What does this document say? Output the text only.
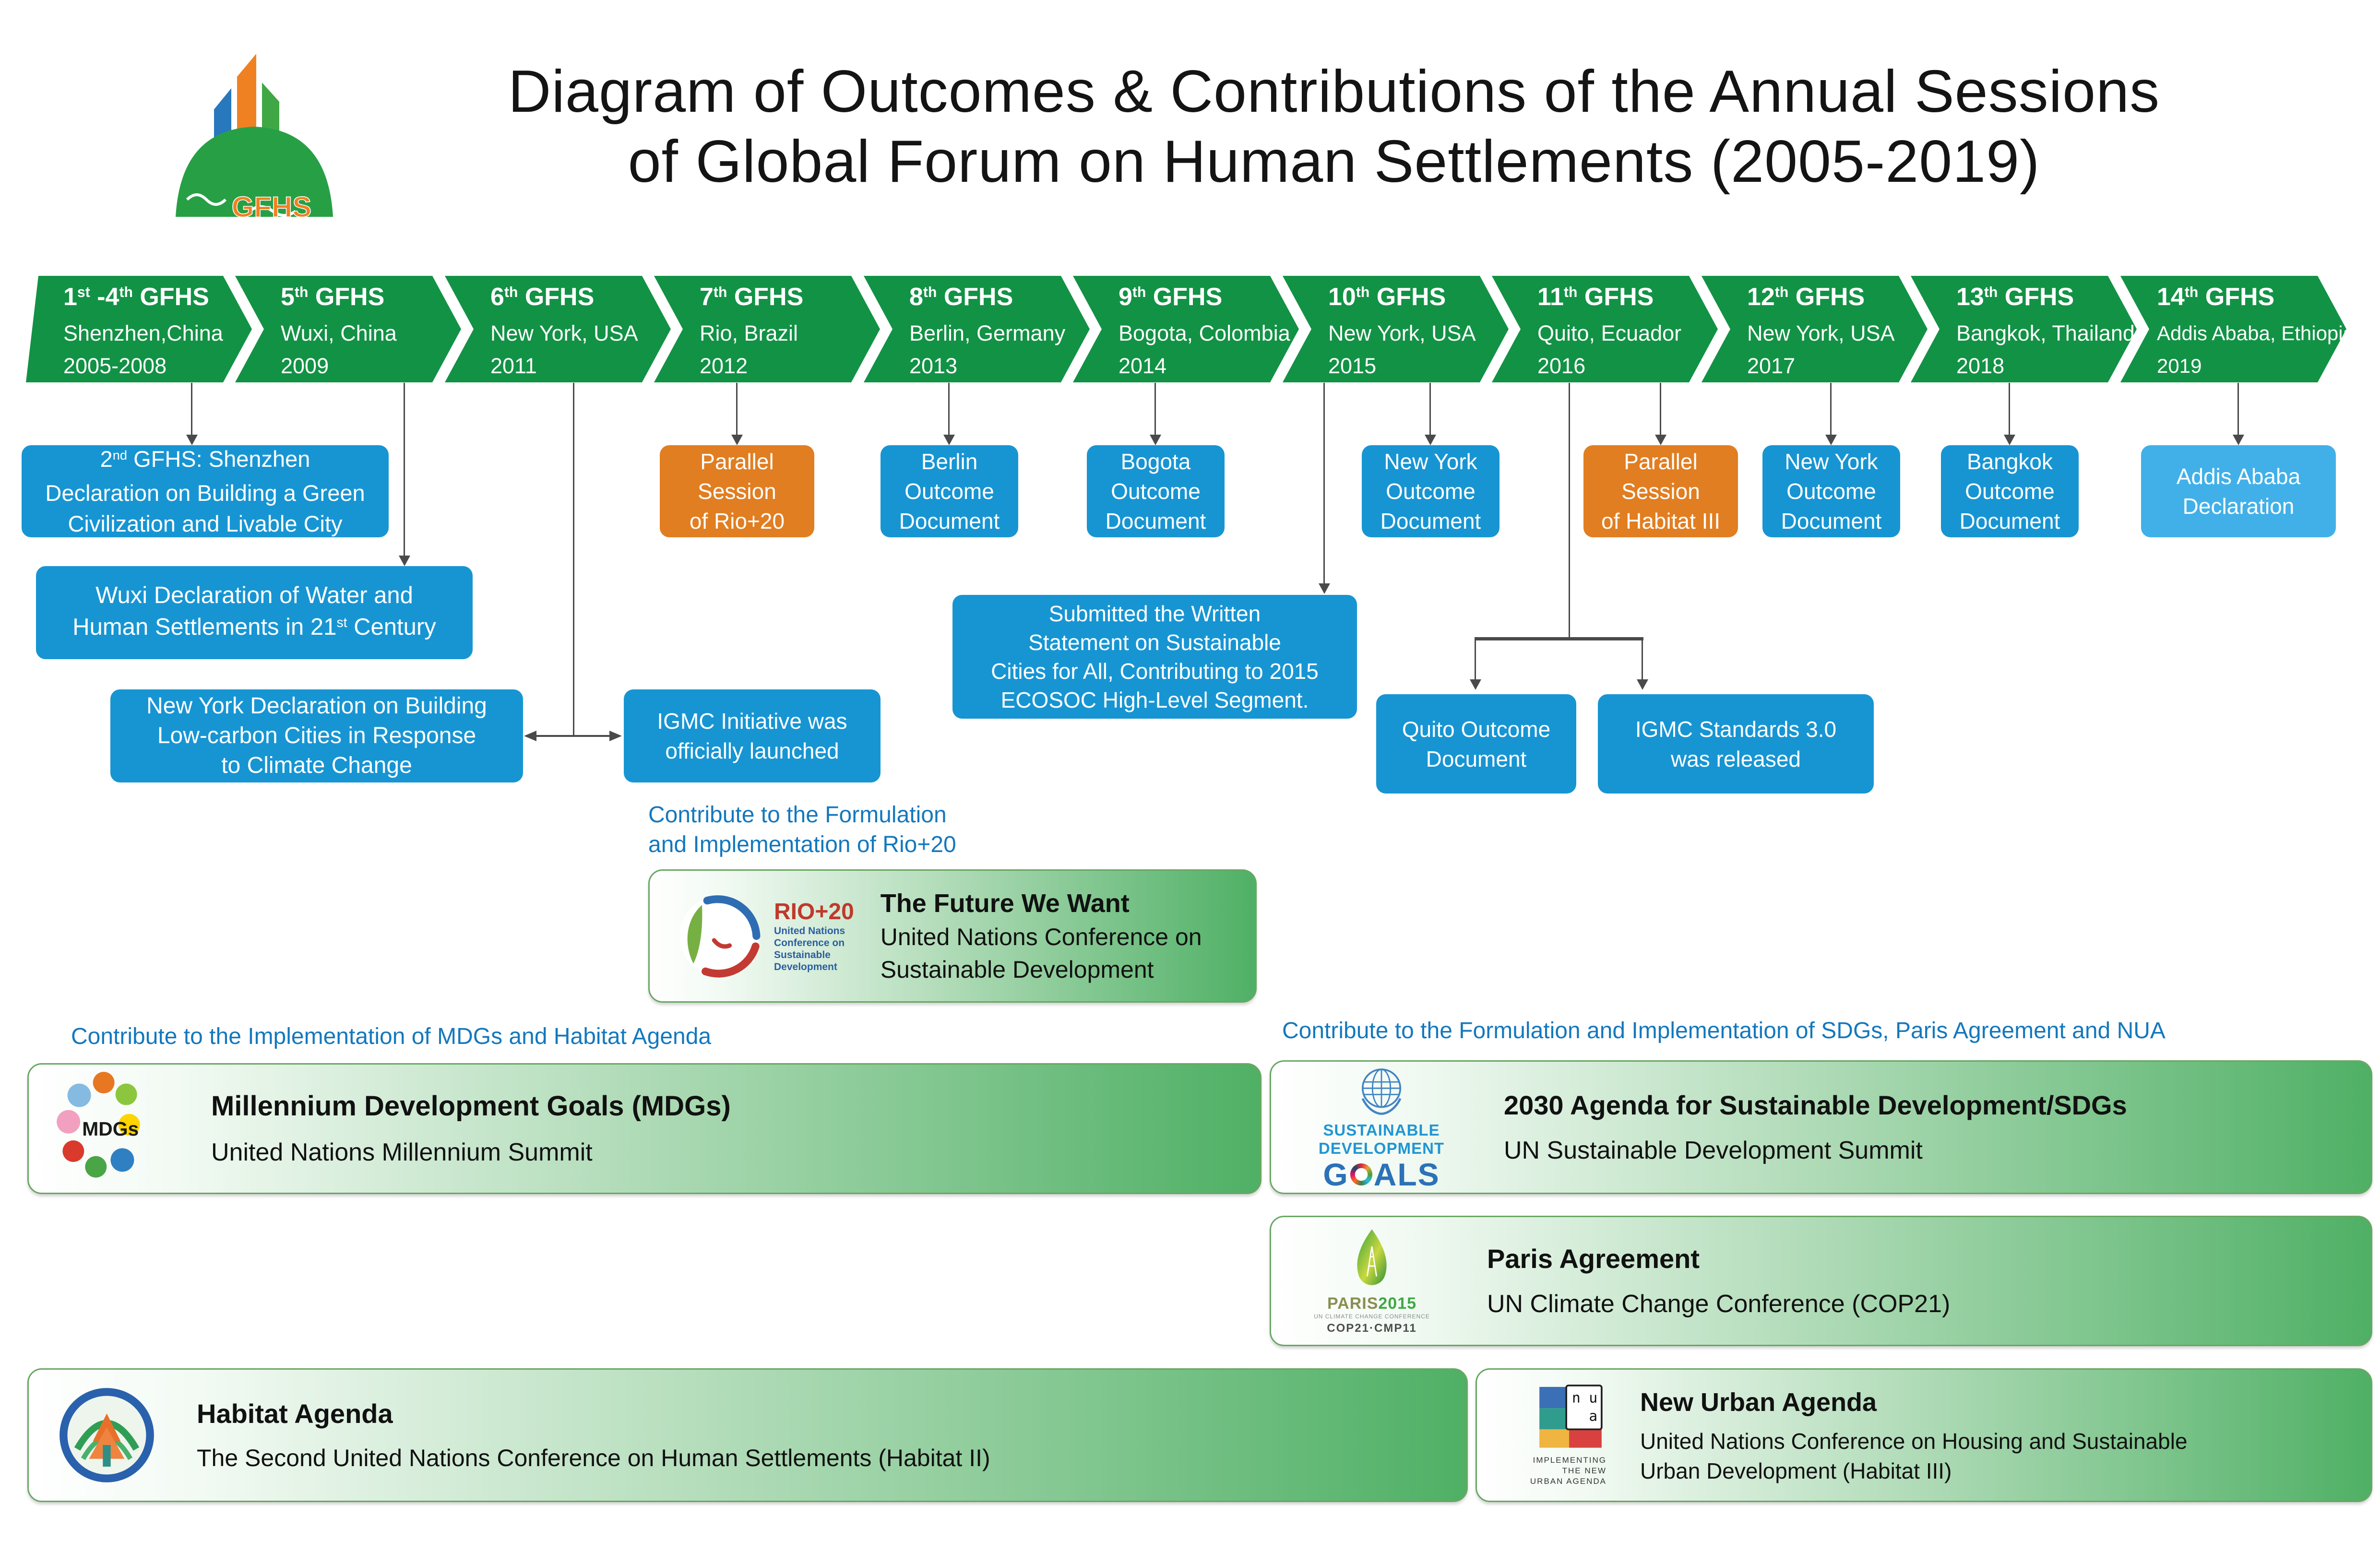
GFHS
Diagram of Outcomes & Contributions of the Annual Sessions
of Global Forum on Human Settlements (2005-2019)
1st -4th GFHS
Shenzhen,China
2005-2008
5th GFHS
Wuxi, China
2009
6th GFHS
New York, USA
2011
7th GFHS
Rio, Brazil
2012
8th GFHS
Berlin, Germany
2013
9th GFHS
Bogota, Colombia
2014
10th GFHS
New York, USA
2015
11th GFHS
Quito, Ecuador
2016
12th GFHS
New York, USA
2017
13th GFHS
Bangkok, Thailand
2018
14th GFHS
Addis Ababa, Ethiopia
2019
2nd GFHS: Shenzhen
Declaration on Building a Green
Civilization and Livable City
Parallel
Session
of Rio+20
Berlin
Outcome
Document
Bogota
Outcome
Document
New York
Outcome
Document
Parallel
Session
of Habitat III
New York
Outcome
Document
Bangkok
Outcome
Document
Addis Ababa
Declaration
Wuxi Declaration of Water and
Human Settlements in 21st Century
Submitted the Written
Statement on Sustainable
Cities for All, Contributing to 2015
ECOSOC High-Level Segment.
New York Declaration on Building
Low-carbon Cities in Response
to Climate Change
IGMC Initiative was
officially launched
Quito Outcome
Document
IGMC Standards 3.0
was released
Contribute to the Formulation
and Implementation of Rio+20
Contribute to the Implementation of MDGs and Habitat Agenda	Contribute to the Formulation and Implementation of SDGs, Paris Agreement and NUA
RIO+20
United Nations
Conference on
Sustainable
Development
The Future We Want
United Nations Conference on
Sustainable Development
MDGs
Millennium Development Goals (MDGs)
United Nations Millennium Summit
SUSTAINABLE
DEVELOPMENT
G ALS
2030 Agenda for Sustainable Development/SDGs
UN Sustainable Development Summit
PARIS2015
UN CLIMATE CHANGE CONFERENCE
COP21·CMP11
Paris Agreement
UN Climate Change Conference (COP21)
Habitat Agenda
The Second United Nations Conference on Human Settlements (Habitat II)
n u
a
IMPLEMENTING
THE NEW
URBAN AGENDA
New Urban Agenda
United Nations Conference on Housing and Sustainable
Urban Development (Habitat III)
